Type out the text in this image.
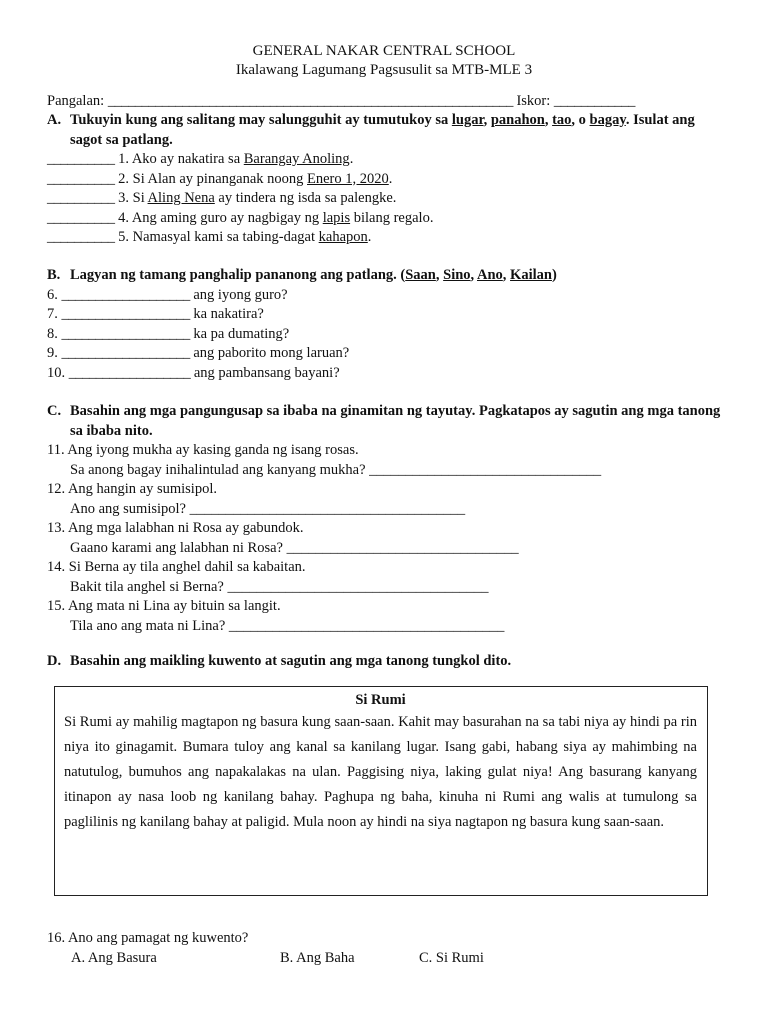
GENERAL NAKAR CENTRAL SCHOOL
Ikalawang Lagumang Pagsusulit sa MTB-MLE 3
Pangalan: ____________________________________________________________ Iskor: ____________
A. Tukuyin kung ang salitang may salungguhit ay tumutukoy sa lugar, panahon, tao, o bagay. Isulat ang sagot sa patlang.
__________ 1. Ako ay nakatira sa Barangay Anoling.
__________ 2. Si Alan ay pinanganak noong Enero 1, 2020.
__________ 3. Si Aling Nena ay tindera ng isda sa palengke.
__________ 4. Ang aming guro ay nagbigay ng lapis bilang regalo.
__________ 5. Namasyal kami sa tabing-dagat kahapon.
B. Lagyan ng tamang panghalip pananong ang patlang. (Saan, Sino, Ano, Kailan)
6. ___________________ ang iyong guro?
7. ___________________ ka nakatira?
8. ___________________ ka pa dumating?
9. ___________________ ang paborito mong laruan?
10. __________________ ang pambansang bayani?
C. Basahin ang mga pangungusap sa ibaba na ginamitan ng tayutay. Pagkatapos ay sagutin ang mga tanong sa ibaba nito.
11. Ang iyong mukha ay kasing ganda ng isang rosas.
Sa anong bagay inihalintulad ang kanyang mukha? ________________________________
12. Ang hangin ay sumisipol.
Ano ang sumisipol? ______________________________________
13. Ang mga lalabhan ni Rosa ay gabundok.
Gaano karami ang lalabhan ni Rosa? ________________________________
14. Si Berna ay tila anghel dahil sa kabaitan.
Bakit tila anghel si Berna? ____________________________________
15. Ang mata ni Lina ay bituin sa langit.
Tila ano ang mata ni Lina? ______________________________________
D. Basahin ang maikling kuwento at sagutin ang mga tanong tungkol dito.
Si Rumi
Si Rumi ay mahilig magtapon ng basura kung saan-saan. Kahit may basurahan na sa tabi niya ay hindi pa rin niya ito ginagamit. Bumara tuloy ang kanal sa kanilang lugar. Isang gabi, habang siya ay mahimbing na natutulog, bumuhos ang napakalakas na ulan. Paggising niya, laking gulat niya! Ang basurang kanyang itinapon ay nasa loob ng kanilang bahay. Paghupa ng baha, kinuha ni Rumi ang walis at tumulong sa paglilinis ng kanilang bahay at paligid. Mula noon ay hindi na siya nagtapon ng basura kung saan-saan.
16. Ano ang pamagat ng kuwento?
A. Ang Basura	B. Ang Baha	C. Si Rumi
